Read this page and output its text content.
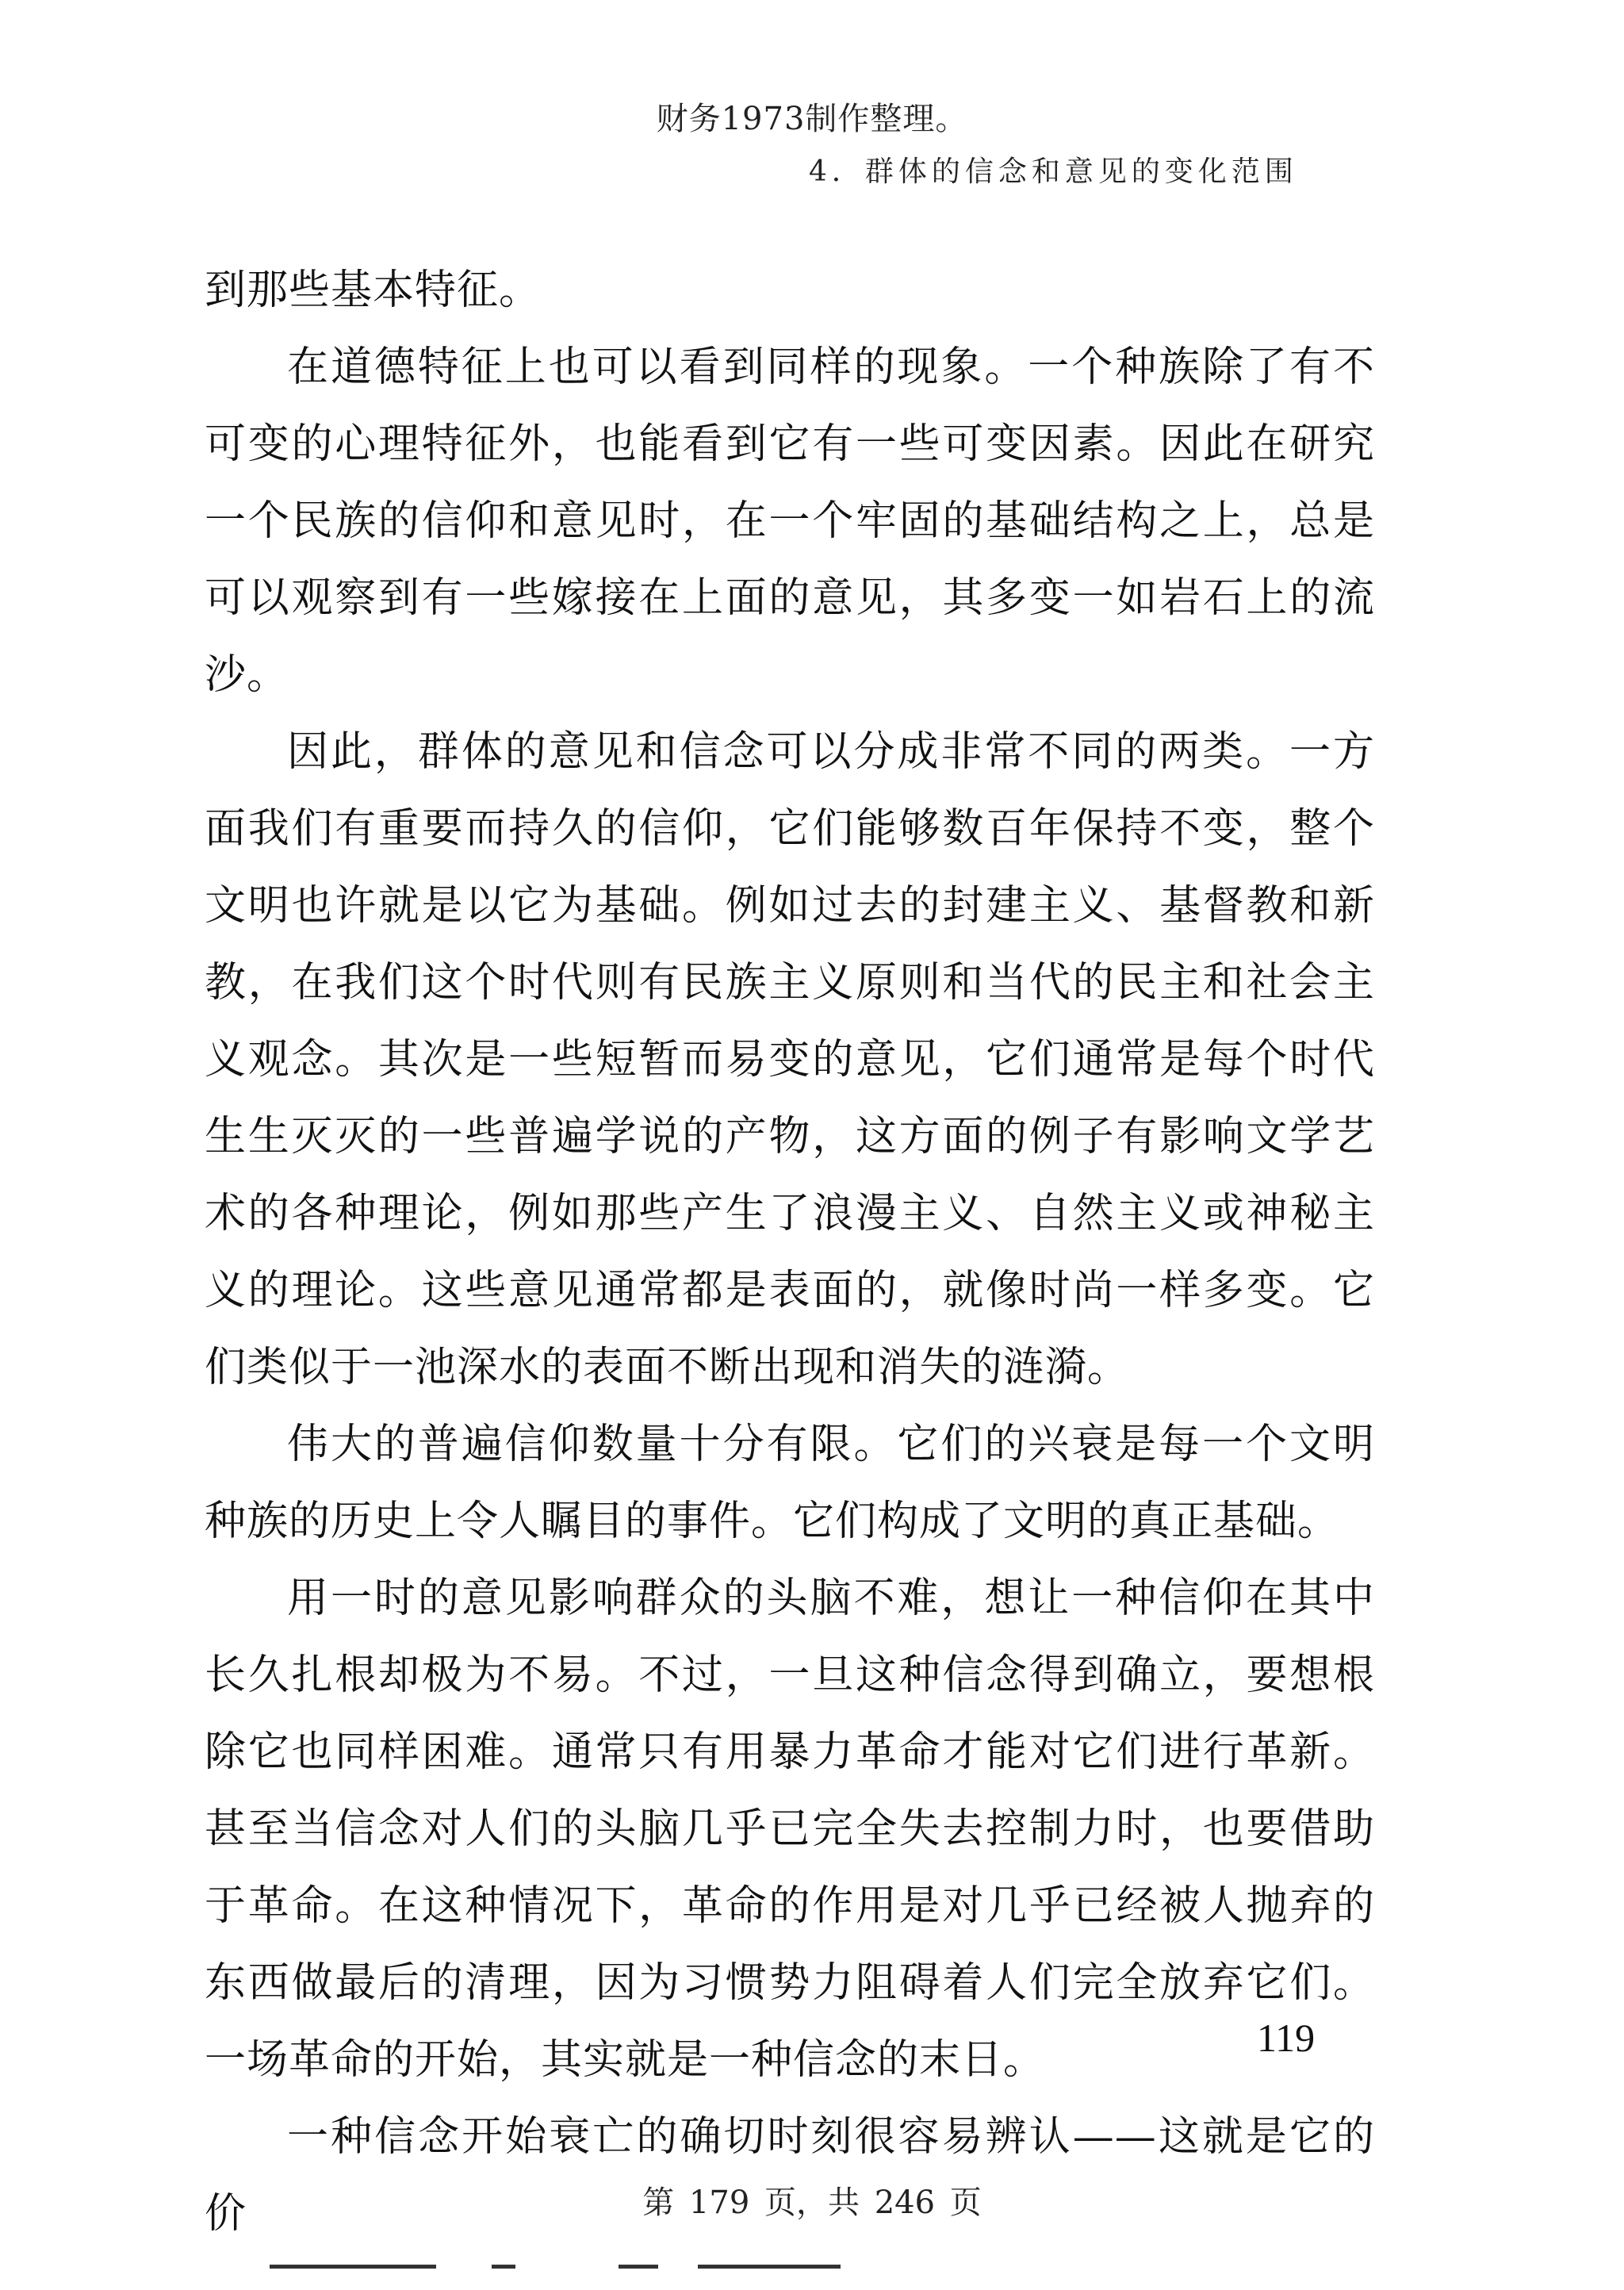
财务1973制作整理。
4．群体的信念和意见的变化范围

到那些基本特征。

在道德特征上也可以看到同样的现象。一个种族除了有不可变的心理特征外，也能看到它有一些可变因素。因此在研究一个民族的信仰和意见时，在一个牢固的基础结构之上，总是可以观察到有一些嫁接在上面的意见，其多变一如岩石上的流沙。

因此，群体的意见和信念可以分成非常不同的两类。一方面我们有重要而持久的信仰，它们能够数百年保持不变，整个文明也许就是以它为基础。例如过去的封建主义、基督教和新教，在我们这个时代则有民族主义原则和当代的民主和社会主义观念。其次是一些短暂而易变的意见，它们通常是每个时代生生灭灭的一些普遍学说的产物，这方面的例子有影响文学艺术的各种理论，例如那些产生了浪漫主义、自然主义或神秘主义的理论。这些意见通常都是表面的，就像时尚一样多变。它们类似于一池深水的表面不断出现和消失的涟漪。

伟大的普遍信仰数量十分有限。它们的兴衰是每一个文明种族的历史上令人瞩目的事件。它们构成了文明的真正基础。

用一时的意见影响群众的头脑不难，想让一种信仰在其中长久扎根却极为不易。不过，一旦这种信念得到确立，要想根除它也同样困难。通常只有用暴力革命才能对它们进行革新。甚至当信念对人们的头脑几乎已完全失去控制力时，也要借助于革命。在这种情况下，革命的作用是对几乎已经被人抛弃的东西做最后的清理，因为习惯势力阻碍着人们完全放弃它们。一场革命的开始，其实就是一种信念的末日。

一种信念开始衰亡的确切时刻很容易辨认——这就是它的价

119
第 179 页，共 246 页
